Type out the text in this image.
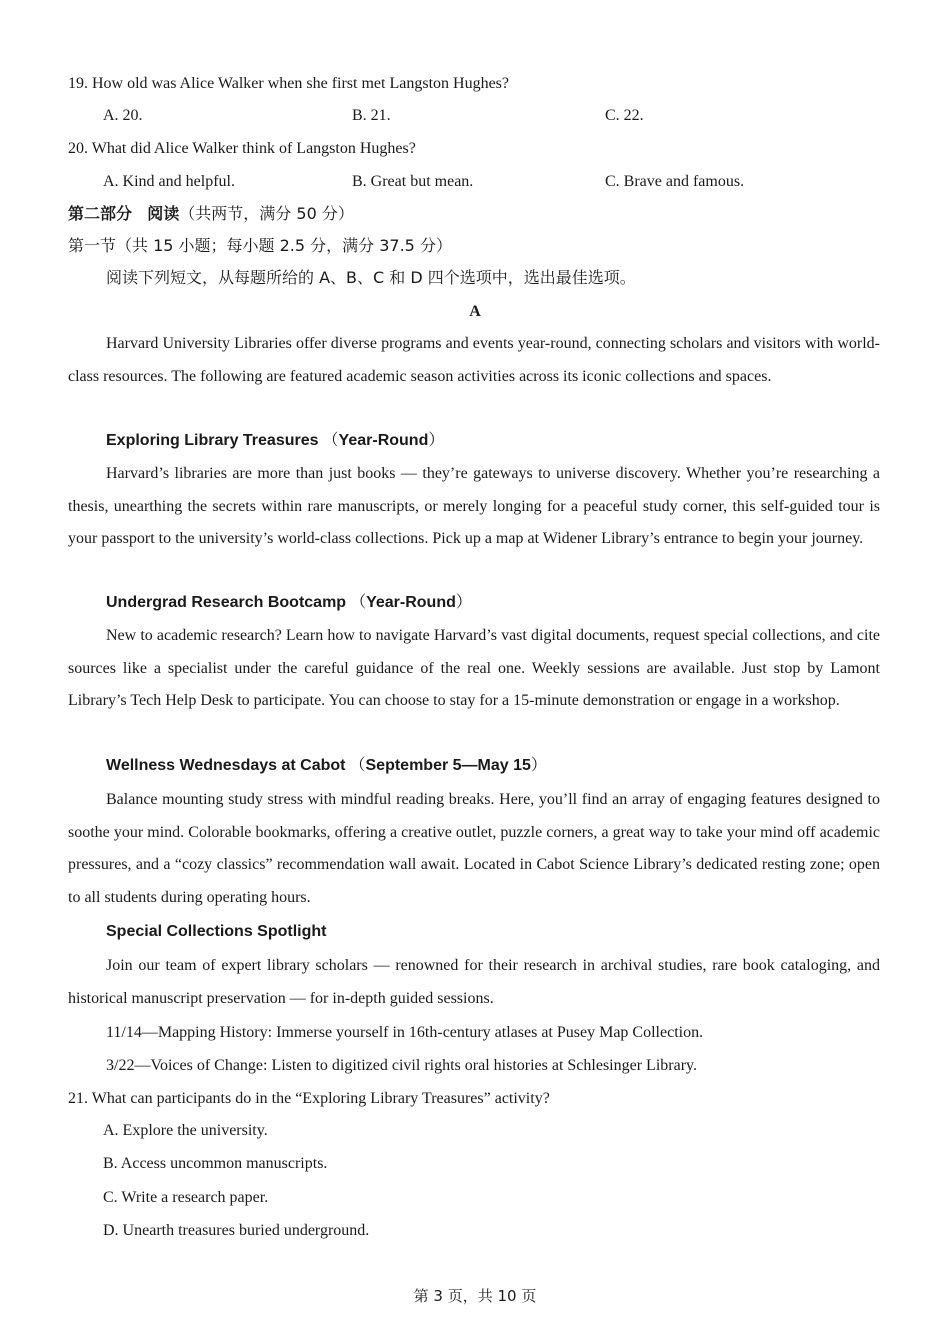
19. How old was Alice Walker when she first met Langston Hughes?
A. 20.	B. 21.	C. 22.
20. What did Alice Walker think of Langston Hughes?
A. Kind and helpful.	B. Great but mean.	C. Brave and famous.
第二部分 阅读（共两节，满分 50 分）
第一节（共 15 小题；每小题 2.5 分，满分 37.5 分）
阅读下列短文，从每题所给的 A、B、C 和 D 四个选项中，选出最佳选项。
A

Harvard University Libraries offer diverse programs and events year-round, connecting scholars and visitors with world-class resources. The following are featured academic season activities across its iconic collections and spaces.

Exploring Library Treasures （Year-Round）

Harvard’s libraries are more than just books — they’re gateways to universe discovery. Whether you’re researching a thesis, unearthing the secrets within rare manuscripts, or merely longing for a peaceful study corner, this self-guided tour is your passport to the university’s world-class collections. Pick up a map at Widener Library’s entrance to begin your journey.

Undergrad Research Bootcamp （Year-Round）

New to academic research? Learn how to navigate Harvard’s vast digital documents, request special collections, and cite sources like a specialist under the careful guidance of the real one. Weekly sessions are available. Just stop by Lamont Library’s Tech Help Desk to participate. You can choose to stay for a 15-minute demonstration or engage in a workshop.

Wellness Wednesdays at Cabot （September 5—May 15）

Balance mounting study stress with mindful reading breaks. Here, you’ll find an array of engaging features designed to soothe your mind. Colorable bookmarks, offering a creative outlet, puzzle corners, a great way to take your mind off academic pressures, and a “cozy classics” recommendation wall await. Located in Cabot Science Library’s dedicated resting zone; open to all students during operating hours.

Special Collections Spotlight

Join our team of expert library scholars — renowned for their research in archival studies, rare book cataloging, and historical manuscript preservation — for in-depth guided sessions.

11/14—Mapping History: Immerse yourself in 16th-century atlases at Pusey Map Collection.
3/22—Voices of Change: Listen to digitized civil rights oral histories at Schlesinger Library.
21. What can participants do in the “Exploring Library Treasures” activity?
A. Explore the university.
B. Access uncommon manuscripts.
C. Write a research paper.
D. Unearth treasures buried underground.
第 3 页，共 10 页
